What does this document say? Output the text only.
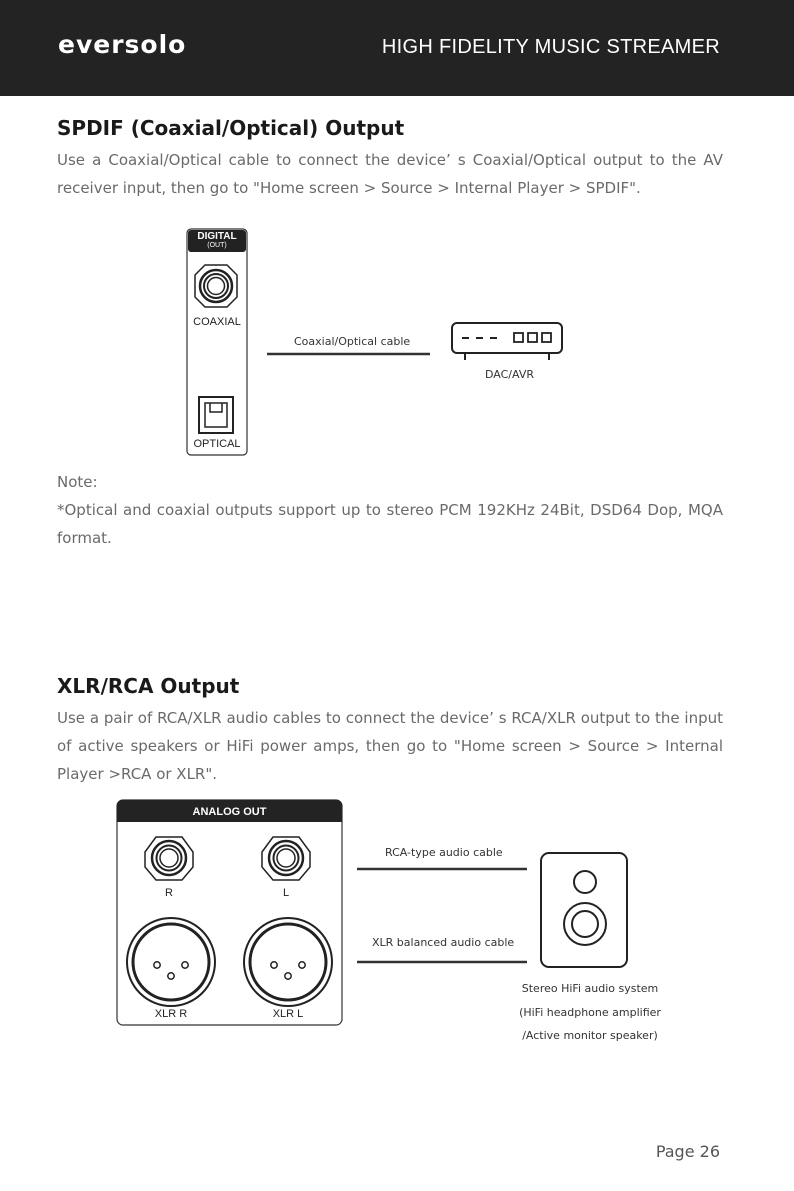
eversolo	HIGH FIDELITY MUSIC STREAMER
SPDIF (Coaxial/Optical) Output

Use a Coaxial/Optical cable to connect the device’ s Coaxial/Optical output to the AV receiver input, then go to "Home screen > Source > Internal Player > SPDIF".

DIGITAL
(OUT)
COAXIAL
OPTICAL
Coaxial/Optical cable
DAC/AVR

Note:

*Optical and coaxial outputs support up to stereo PCM 192KHz 24Bit, DSD64 Dop, MQA format.

XLR/RCA Output

Use a pair of RCA/XLR audio cables to connect the device’ s RCA/XLR output to the input of active speakers or HiFi power amps, then go to "Home screen > Source > Internal Player >RCA or XLR".

ANALOG OUT
R	L
XLR R	XLR L
RCA-type audio cable
XLR balanced audio cable
Stereo HiFi audio system
(HiFi headphone amplifier
/Active monitor speaker)
Page 26
